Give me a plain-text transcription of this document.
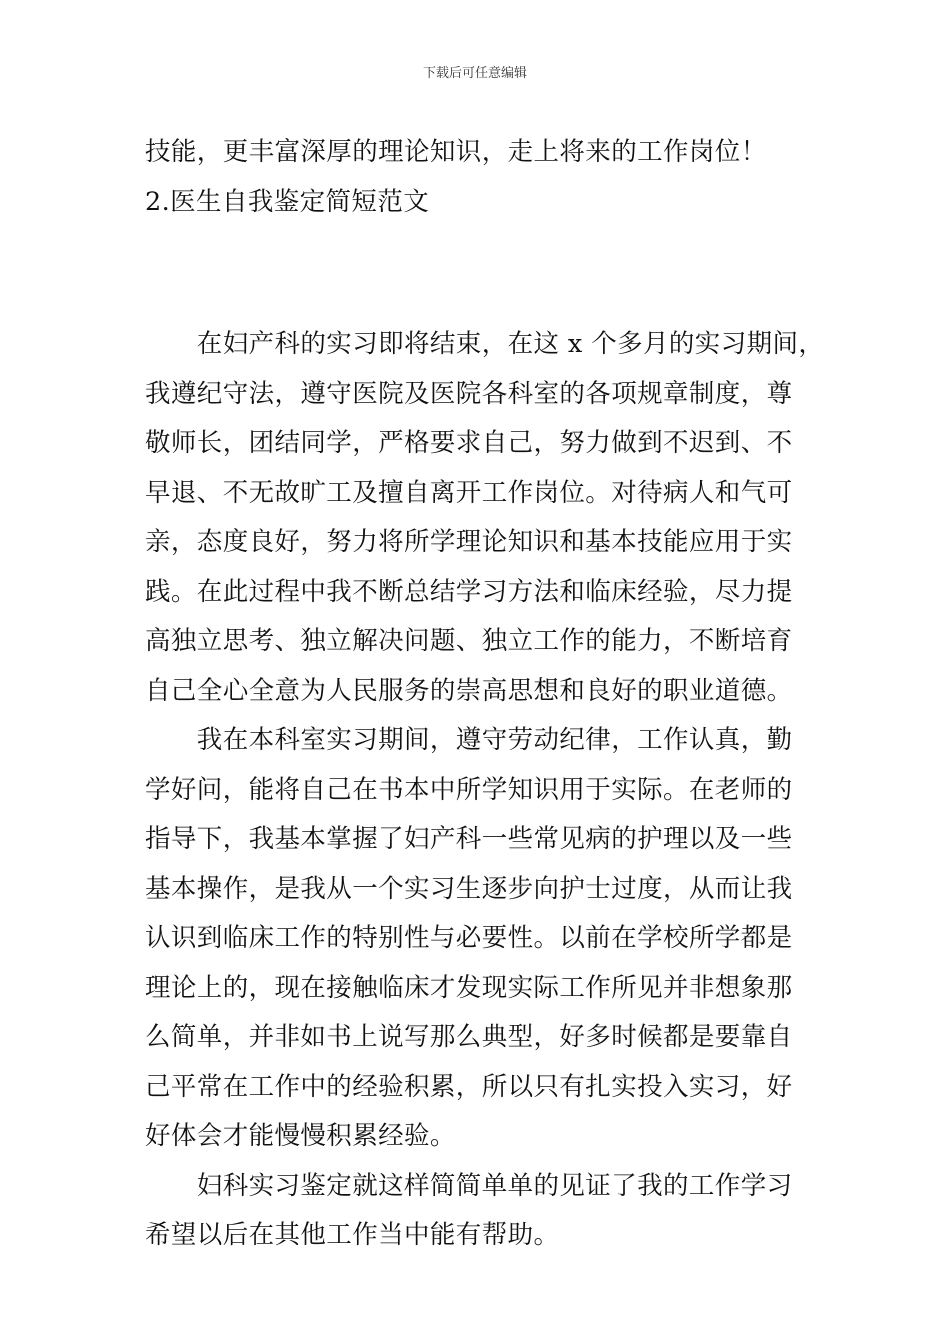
下载后可任意编辑
技能，更丰富深厚的理论知识，走上将来的工作岗位！
2.医生自我鉴定简短范文
　　在妇产科的实习即将结束，在这 x 个多月的实习期间，
我遵纪守法，遵守医院及医院各科室的各项规章制度，尊
敬师长，团结同学，严格要求自己，努力做到不迟到、不
早退、不无故旷工及擅自离开工作岗位。对待病人和气可
亲，态度良好，努力将所学理论知识和基本技能应用于实
践。在此过程中我不断总结学习方法和临床经验，尽力提
高独立思考、独立解决问题、独立工作的能力，不断培育
自己全心全意为人民服务的崇高思想和良好的职业道德。
　　我在本科室实习期间，遵守劳动纪律，工作认真，勤
学好问，能将自己在书本中所学知识用于实际。在老师的
指导下，我基本掌握了妇产科一些常见病的护理以及一些
基本操作，是我从一个实习生逐步向护士过度，从而让我
认识到临床工作的特别性与必要性。以前在学校所学都是
理论上的，现在接触临床才发现实际工作所见并非想象那
么简单，并非如书上说写那么典型，好多时候都是要靠自
己平常在工作中的经验积累，所以只有扎实投入实习，好
好体会才能慢慢积累经验。
　　妇科实习鉴定就这样简简单单的见证了我的工作学习
希望以后在其他工作当中能有帮助。
